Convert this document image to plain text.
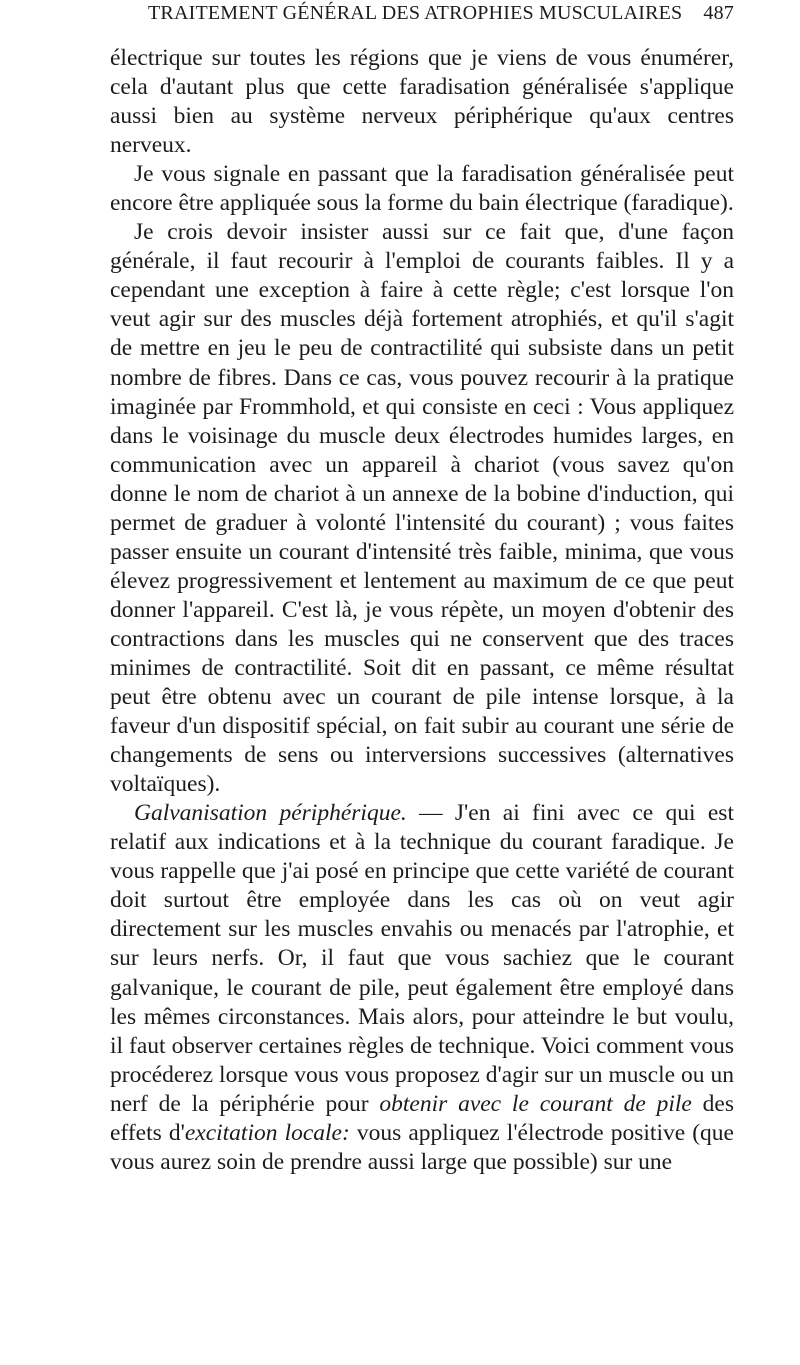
TRAITEMENT GÉNÉRAL DES ATROPHIES MUSCULAIRES 487

électrique sur toutes les régions que je viens de vous énumérer, cela d'autant plus que cette faradisation généralisée s'applique aussi bien au système nerveux périphérique qu'aux centres nerveux.

Je vous signale en passant que la faradisation généralisée peut encore être appliquée sous la forme du bain électrique (faradique).

Je crois devoir insister aussi sur ce fait que, d'une façon générale, il faut recourir à l'emploi de courants faibles. Il y a cependant une exception à faire à cette règle; c'est lorsque l'on veut agir sur des muscles déjà fortement atrophiés, et qu'il s'agit de mettre en jeu le peu de contractilité qui subsiste dans un petit nombre de fibres. Dans ce cas, vous pouvez recourir à la pratique imaginée par Frommhold, et qui consiste en ceci : Vous appliquez dans le voisinage du muscle deux électrodes humides larges, en communication avec un appareil à chariot (vous savez qu'on donne le nom de chariot à un annexe de la bobine d'induction, qui permet de graduer à volonté l'intensité du courant) ; vous faites passer ensuite un courant d'intensité très faible, minima, que vous élevez progressivement et lentement au maximum de ce que peut donner l'appareil. C'est là, je vous répète, un moyen d'obtenir des contractions dans les muscles qui ne conservent que des traces minimes de contractilité. Soit dit en passant, ce même résultat peut être obtenu avec un courant de pile intense lorsque, à la faveur d'un dispositif spécial, on fait subir au courant une série de changements de sens ou interversions successives (alternatives voltaïques).

Galvanisation périphérique. — J'en ai fini avec ce qui est relatif aux indications et à la technique du courant faradique. Je vous rappelle que j'ai posé en principe que cette variété de courant doit surtout être employée dans les cas où on veut agir directement sur les muscles envahis ou menacés par l'atrophie, et sur leurs nerfs. Or, il faut que vous sachiez que le courant galvanique, le courant de pile, peut également être employé dans les mêmes circonstances. Mais alors, pour atteindre le but voulu, il faut observer certaines règles de technique. Voici comment vous procéderez lorsque vous vous proposez d'agir sur un muscle ou un nerf de la périphérie pour obtenir avec le courant de pile des effets d'excitation locale: vous appliquez l'électrode positive (que vous aurez soin de prendre aussi large que possible) sur une
